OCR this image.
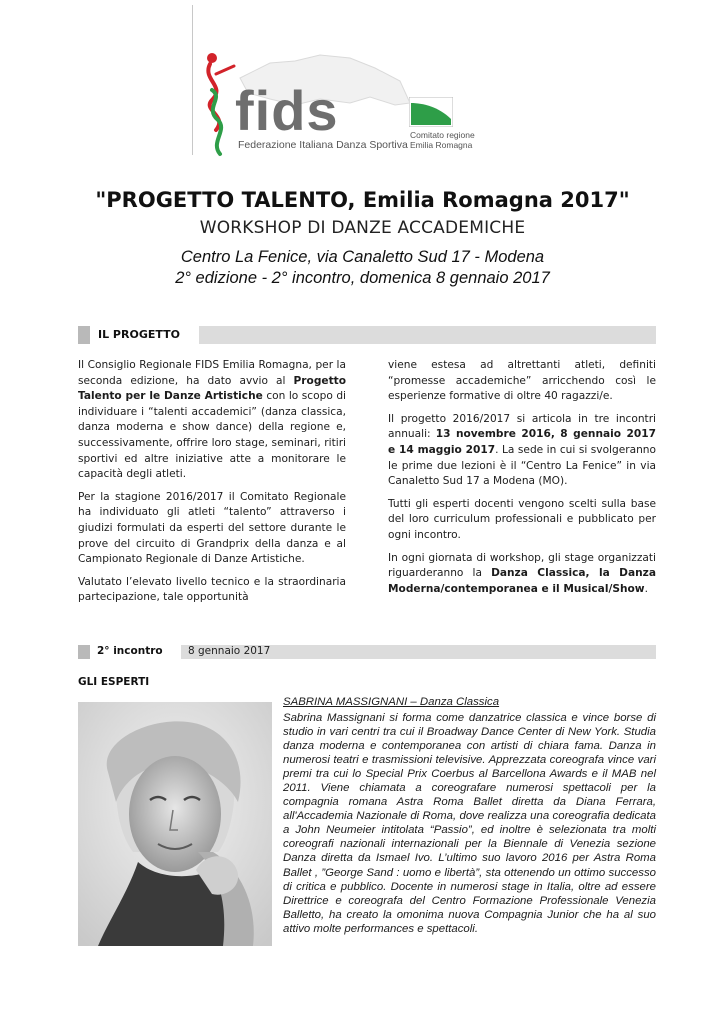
fids
Federazione Italiana Danza Sportiva
Comitato regione
Emilia Romagna
"PROGETTO TALENTO, Emilia Romagna 2017"
WORKSHOP DI DANZE ACCADEMICHE
Centro La Fenice, via Canaletto Sud 17 - Modena
2° edizione - 2° incontro, domenica 8 gennaio 2017
IL PROGETTO

Il Consiglio Regionale FIDS Emilia Romagna, per la seconda edizione, ha dato avvio al Progetto Talento per le Danze Artistiche con lo scopo di individuare i “talenti accademici” (danza classica, danza moderna e show dance) della regione e, successivamente, offrire loro stage, seminari, ritiri sportivi ed altre iniziative atte a monitorare le capacità degli atleti.

Per la stagione 2016/2017 il Comitato Regionale ha individuato gli atleti “talento” attraverso i giudizi formulati da esperti del settore durante le prove del circuito di Grandprix della danza e al Campionato Regionale di Danze Artistiche.

Valutato l’elevato livello tecnico e la straordinaria partecipazione, tale opportunità

viene estesa ad altrettanti atleti, definiti “promesse accademiche” arricchendo così le esperienze formative di oltre 40 ragazzi/e.

Il progetto 2016/2017 si articola in tre incontri annuali: 13 novembre 2016, 8 gennaio 2017 e 14 maggio 2017. La sede in cui si svolgeranno le prime due lezioni è il “Centro La Fenice” in via Canaletto Sud 17 a Modena (MO).

Tutti gli esperti docenti vengono scelti sulla base del loro curriculum professionali e pubblicato per ogni incontro.

In ogni giornata di workshop, gli stage organizzati riguarderanno la Danza Classica, la Danza Moderna/contemporanea e il Musical/Show.

2° incontro 8 gennaio 2017
GLI ESPERTI
SABRINA MASSIGNANI – Danza Classica
Sabrina Massignani si forma come danzatrice classica e vince borse di studio in vari centri tra cui il Broadway Dance Center di New York. Studia danza moderna e contemporanea con artisti di chiara fama. Danza in numerosi teatri e trasmissioni televisive. Apprezzata coreografa vince vari premi tra cui lo Special Prix Coerbus al Barcellona Awards e il MAB nel 2011. Viene chiamata a coreografare numerosi spettacoli per la compagnia romana Astra Roma Ballet diretta da Diana Ferrara, all'Accademia Nazionale di Roma, dove realizza una coreografia dedicata a John Neumeier intitolata “Passio”, ed inoltre è selezionata tra molti coreografi nazionali internazionali per la Biennale di Venezia sezione Danza diretta da Ismael Ivo. L’ultimo suo lavoro 2016 per Astra Roma Ballet , ”George Sand : uomo e libertà”, sta ottenendo un ottimo successo di critica e pubblico. Docente in numerosi stage in Italia, oltre ad essere Direttrice e coreografa del Centro Formazione Professionale Venezia Balletto, ha creato la omonima nuova Compagnia Junior che ha al suo attivo molte performances e spettacoli.
